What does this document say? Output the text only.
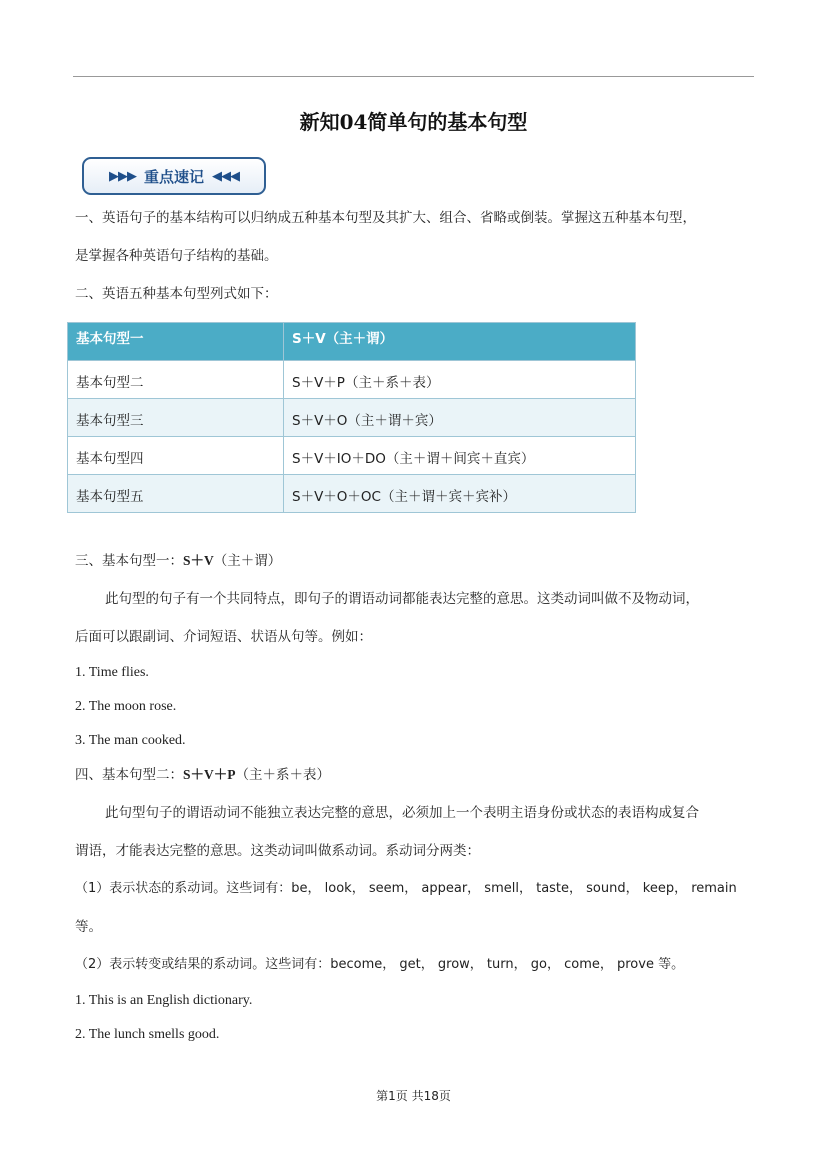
新知04简单句的基本句型
▶▶▶ 重点速记 ◀◀◀
一、英语句子的基本结构可以归纳成五种基本句型及其扩大、组合、省略或倒装。掌握这五种基本句型，
是掌握各种英语句子结构的基础。
二、英语五种基本句型列式如下：
基本句型一	S＋V（主＋谓）
基本句型二	S＋V＋P（主＋系＋表）
基本句型三	S＋V＋O（主＋谓＋宾）
基本句型四	S＋V＋IO＋DO（主＋谓＋间宾＋直宾）
基本句型五	S＋V＋O＋OC（主＋谓＋宾＋宾补）
三、基本句型一：S＋V（主＋谓）
此句型的句子有一个共同特点，即句子的谓语动词都能表达完整的意思。这类动词叫做不及物动词，
后面可以跟副词、介词短语、状语从句等。例如：
1. Time flies.
2. The moon rose.
3. The man cooked.
四、基本句型二：S＋V＋P（主＋系＋表）
此句型句子的谓语动词不能独立表达完整的意思，必须加上一个表明主语身份或状态的表语构成复合
谓语，才能表达完整的意思。这类动词叫做系动词。系动词分两类：
（1）表示状态的系动词。这些词有：be， look， seem， appear， smell， taste， sound， keep， remain
等。
（2）表示转变或结果的系动词。这些词有：become， get， grow， turn， go， come， prove 等。
1. This is an English dictionary.
2. The lunch smells good.
第1页 共18页
